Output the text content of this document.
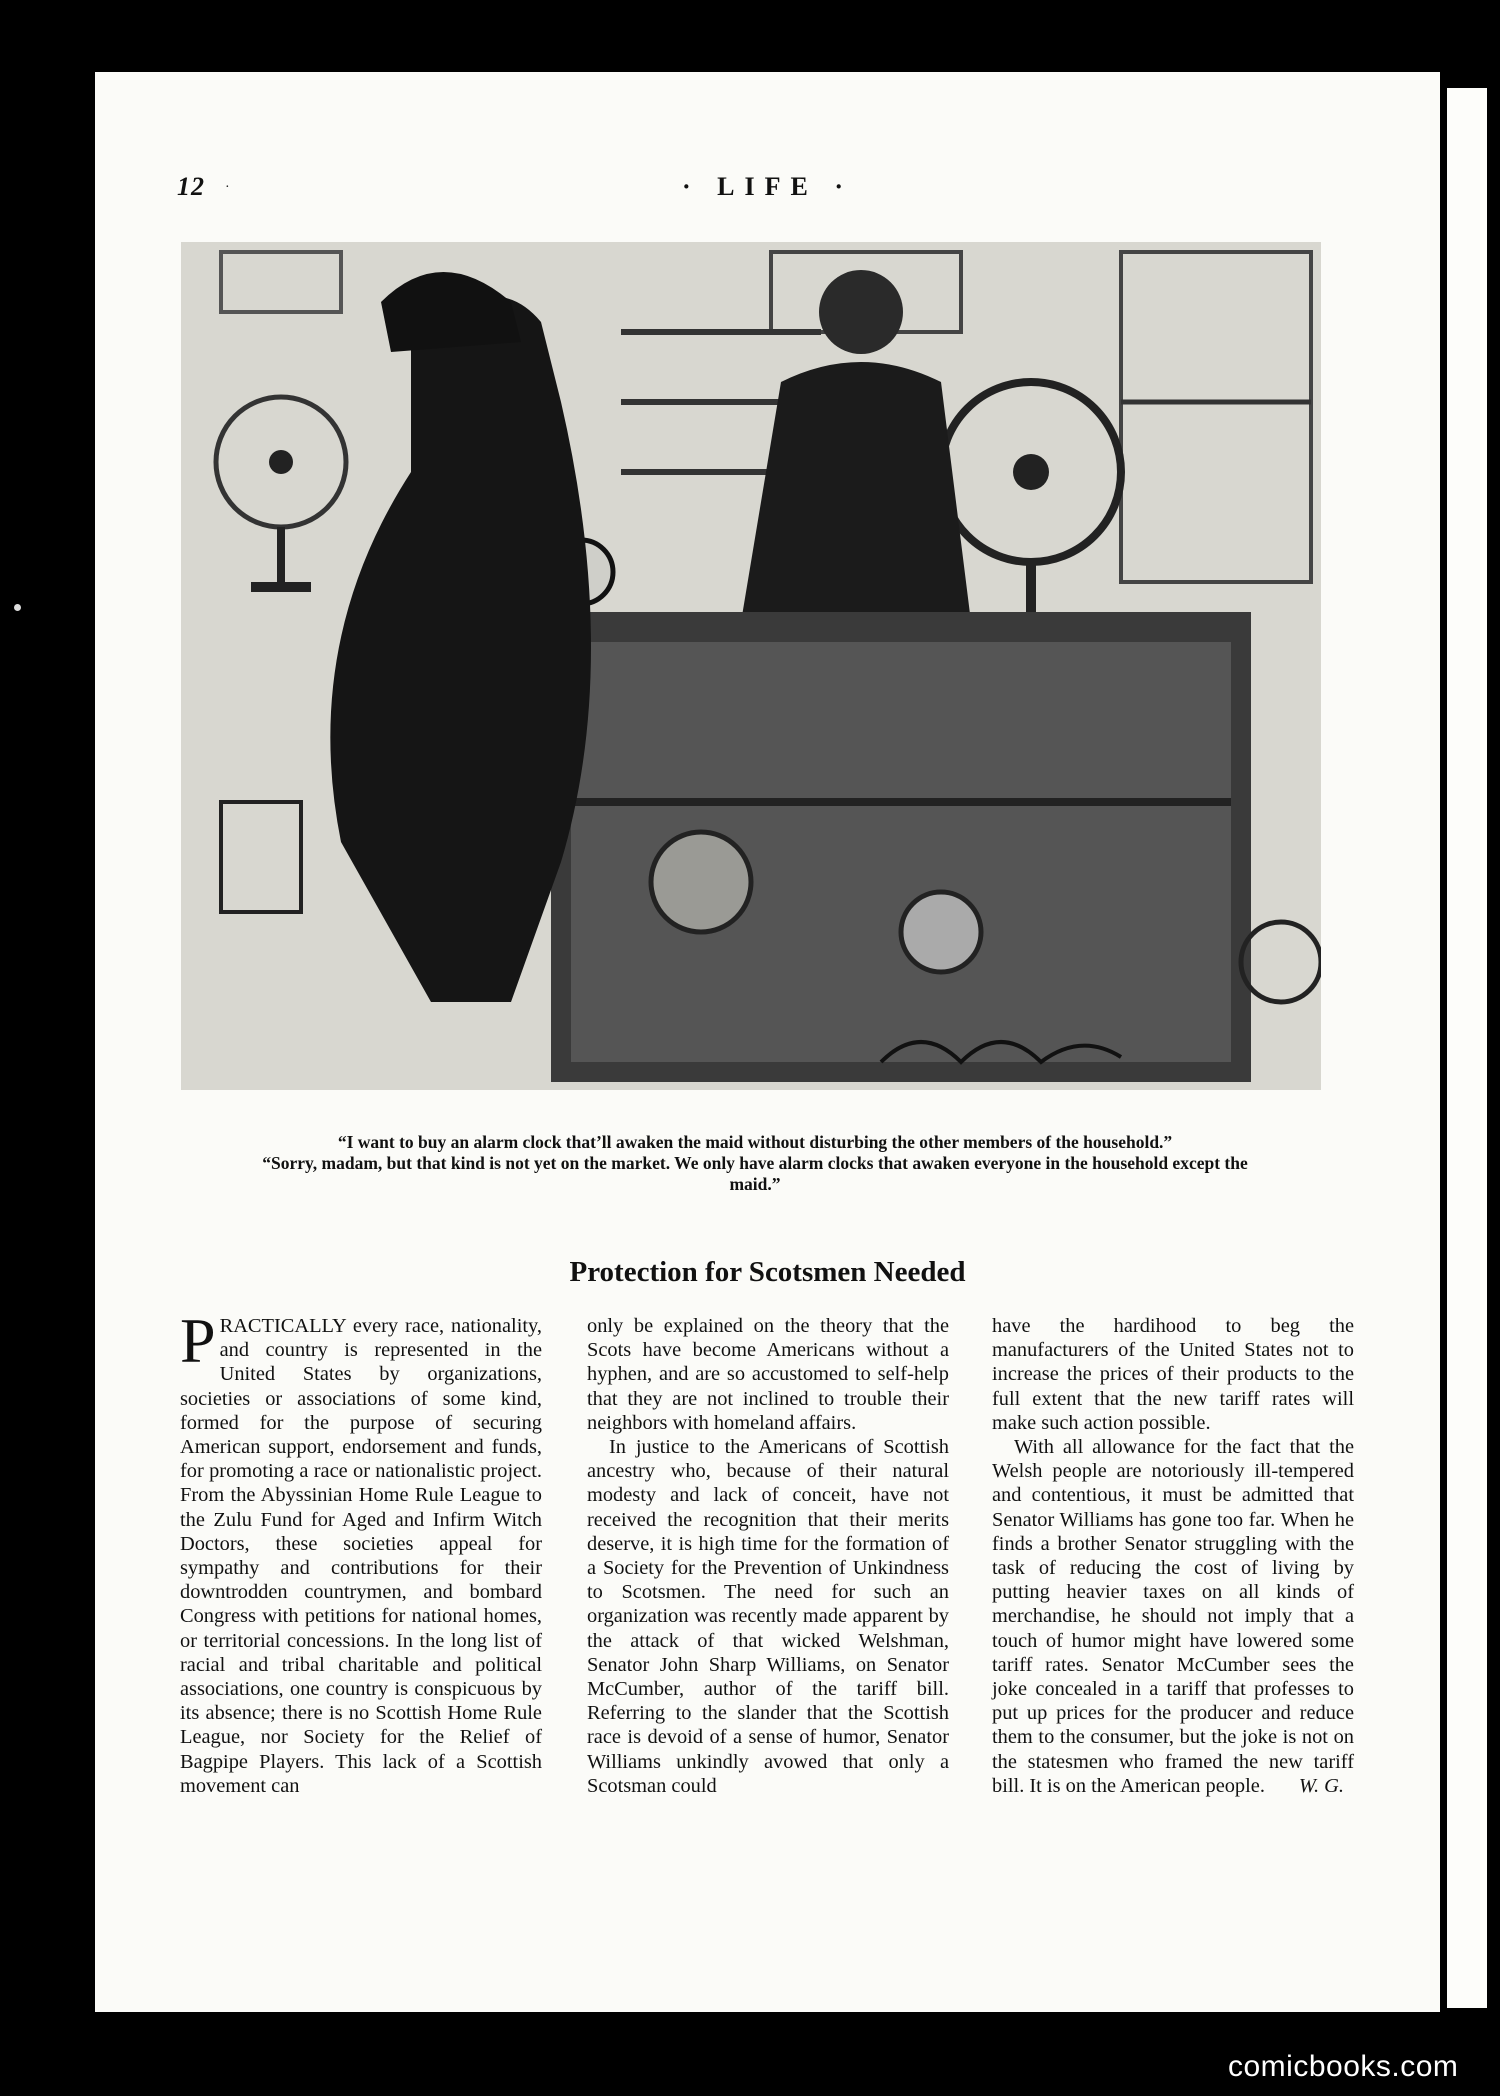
12 ·	· LIFE ·

“I want to buy an alarm clock that’ll awaken the maid without disturbing the other members of the household.”

“Sorry, madam, but that kind is not yet on the market. We only have alarm clocks that awaken everyone in the household except the maid.”

Protection for Scotsmen Needed

PRACTICALLY every race, nationality, and country is represented in the United States by organizations, societies or associations of some kind, formed for the purpose of securing American support, endorsement and funds, for promoting a race or nationalistic project. From the Abyssinian Home Rule League to the Zulu Fund for Aged and Infirm Witch Doctors, these societies appeal for sympathy and contributions for their downtrodden countrymen, and bombard Congress with petitions for national homes, or territorial concessions. In the long list of racial and tribal charitable and political associations, one country is conspicuous by its absence; there is no Scottish Home Rule League, nor Society for the Relief of Bagpipe Players. This lack of a Scottish movement can

only be explained on the theory that the Scots have become Americans without a hyphen, and are so accustomed to self-help that they are not inclined to trouble their neighbors with homeland affairs.

In justice to the Americans of Scottish ancestry who, because of their natural modesty and lack of conceit, have not received the recognition that their merits deserve, it is high time for the formation of a Society for the Prevention of Unkindness to Scotsmen. The need for such an organization was recently made apparent by the attack of that wicked Welshman, Senator John Sharp Williams, on Senator McCumber, author of the tariff bill. Referring to the slander that the Scottish race is devoid of a sense of humor, Senator Williams unkindly avowed that only a Scotsman could

have the hardihood to beg the manufacturers of the United States not to increase the prices of their products to the full extent that the new tariff rates will make such action possible.

With all allowance for the fact that the Welsh people are notoriously ill-tempered and contentious, it must be admitted that Senator Williams has gone too far. When he finds a brother Senator struggling with the task of reducing the cost of living by putting heavier taxes on all kinds of merchandise, he should not imply that a touch of humor might have lowered some tariff rates. Senator McCumber sees the joke concealed in a tariff that professes to put up prices for the producer and reduce them to the consumer, but the joke is not on the statesmen who framed the new tariff bill. It is on the American people.	W. G.

comicbooks.com
